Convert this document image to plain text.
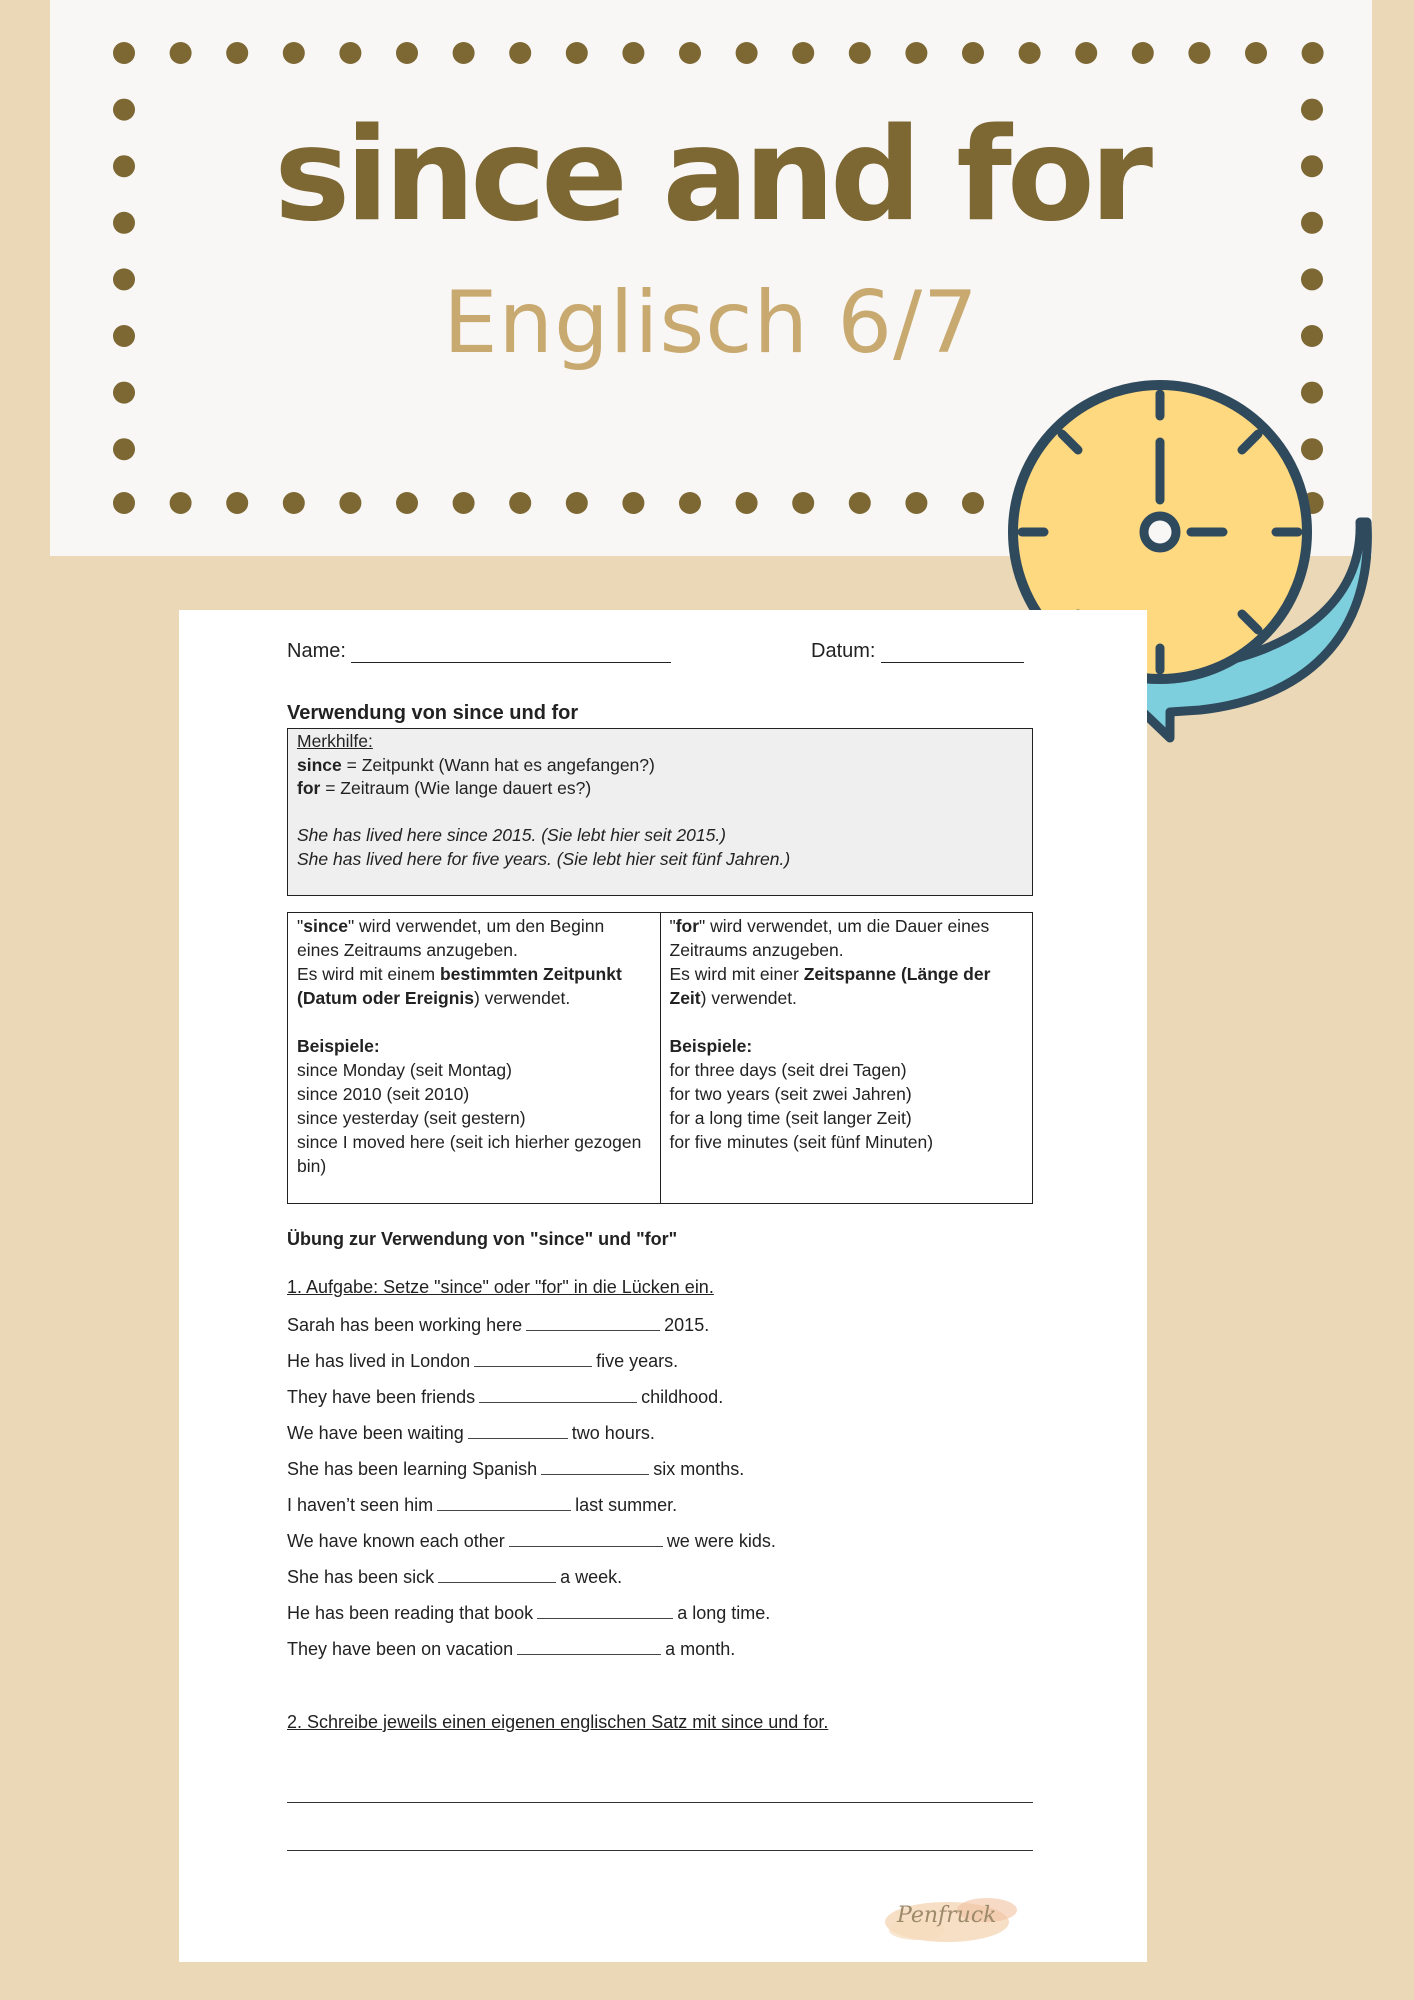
since and for
Englisch 6/7
Name:	Datum:
Verwendung von since und for
Merkhilfe:
since = Zeitpunkt (Wann hat es angefangen?)
for = Zeitraum (Wie lange dauert es?)
She has lived here since 2015. (Sie lebt hier seit 2015.)
She has lived here for five years. (Sie lebt hier seit fünf Jahren.)
"since" wird verwendet, um den Beginn eines Zeitraums anzugeben.
Es wird mit einem bestimmten Zeitpunkt (Datum oder Ereignis) verwendet.
Beispiele:
since Monday (seit Montag)
since 2010 (seit 2010)
since yesterday (seit gestern)
since I moved here (seit ich hierher gezogen bin)
"for" wird verwendet, um die Dauer eines Zeitraums anzugeben.
Es wird mit einer Zeitspanne (Länge der Zeit) verwendet.
Beispiele:
for three days (seit drei Tagen)
for two years (seit zwei Jahren)
for a long time (seit langer Zeit)
for five minutes (seit fünf Minuten)
Übung zur Verwendung von "since" und "for"
1. Aufgabe: Setze "since" oder "for" in die Lücken ein.
Sarah has been working here	2015.
He has lived in London	five years.
They have been friends	childhood.
We have been waiting	two hours.
She has been learning Spanish	six months.
I haven’t seen him	last summer.
We have known each other	we were kids.
She has been sick	a week.
He has been reading that book	a long time.
They have been on vacation	a month.
2. Schreibe jeweils einen eigenen englischen Satz mit since und for.
Penfruck
